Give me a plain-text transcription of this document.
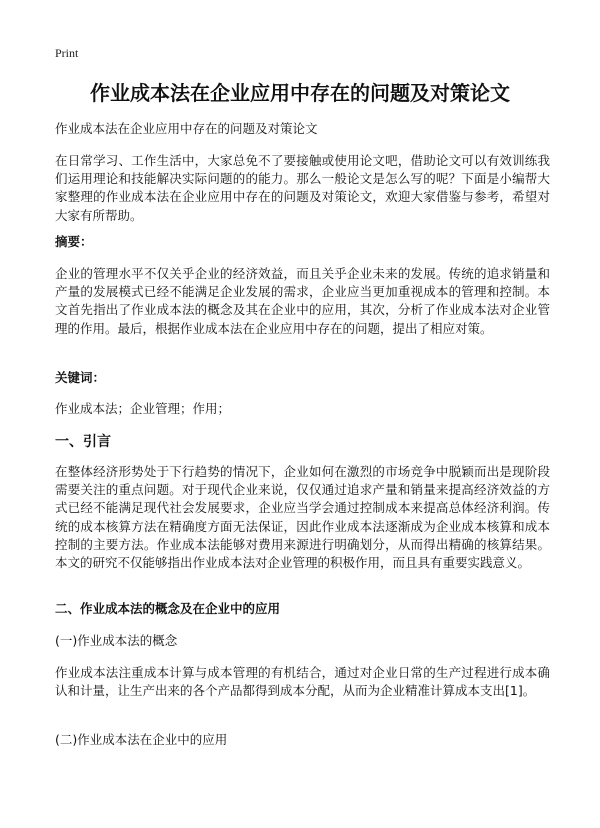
Print
作业成本法在企业应用中存在的问题及对策论文

作业成本法在企业应用中存在的问题及对策论文

在日常学习、工作生活中，大家总免不了要接触或使用论文吧，借助论文可以有效训练我们运用理论和技能解决实际问题的的能力。那么一般论文是怎么写的呢？下面是小编帮大家整理的作业成本法在企业应用中存在的问题及对策论文，欢迎大家借鉴与参考，希望对大家有所帮助。

摘要：

企业的管理水平不仅关乎企业的经济效益，而且关乎企业未来的发展。传统的追求销量和产量的发展模式已经不能满足企业发展的需求，企业应当更加重视成本的管理和控制。本文首先指出了作业成本法的概念及其在企业中的应用，其次，分析了作业成本法对企业管理的作用。最后，根据作业成本法在企业应用中存在的问题，提出了相应对策。

关键词：

作业成本法；企业管理；作用；

一、引言

在整体经济形势处于下行趋势的情况下，企业如何在激烈的市场竞争中脱颖而出是现阶段需要关注的重点问题。对于现代企业来说，仅仅通过追求产量和销量来提高经济效益的方式已经不能满足现代社会发展要求，企业应当学会通过控制成本来提高总体经济利润。传统的成本核算方法在精确度方面无法保证，因此作业成本法逐渐成为企业成本核算和成本控制的主要方法。作业成本法能够对费用来源进行明确划分，从而得出精确的核算结果。本文的研究不仅能够指出作业成本法对企业管理的积极作用，而且具有重要实践意义。

二、作业成本法的概念及在企业中的应用

(一)作业成本法的概念

作业成本法注重成本计算与成本管理的有机结合，通过对企业日常的生产过程进行成本确认和计量，让生产出来的各个产品都得到成本分配，从而为企业精准计算成本支出[1]。

(二)作业成本法在企业中的应用
